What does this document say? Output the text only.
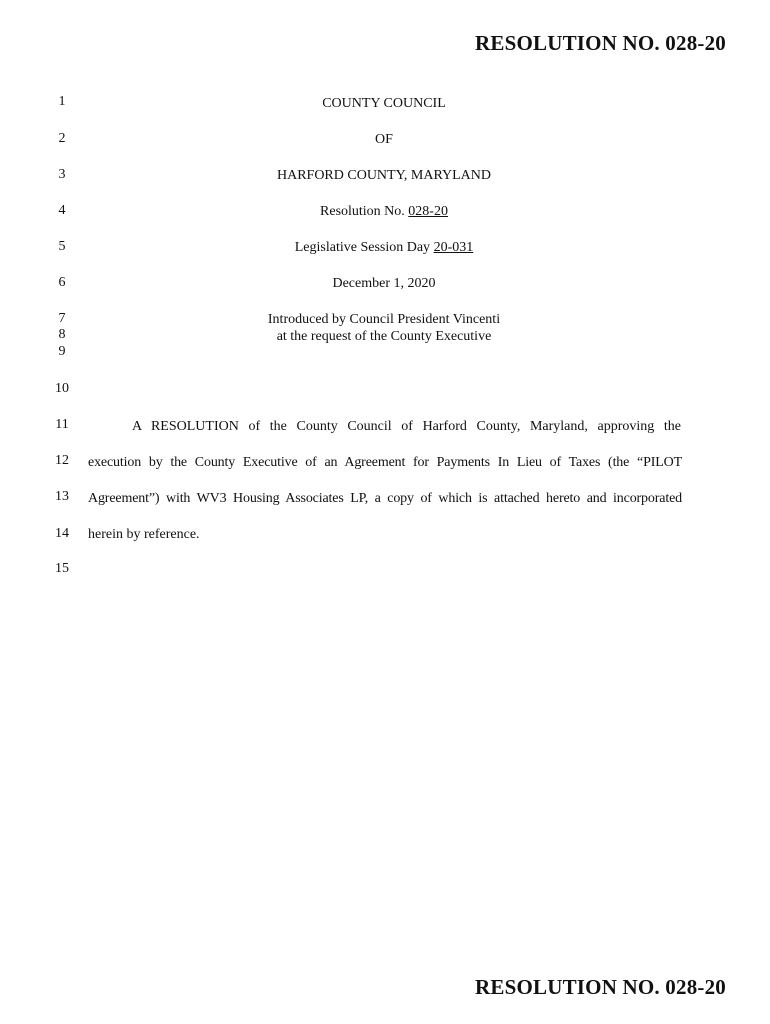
RESOLUTION NO. 028-20
1
2
3
4
5
6
7
8
9
10
11
12
13
14
15
COUNTY COUNCIL
OF
HARFORD COUNTY, MARYLAND
Resolution No. 028-20
Legislative Session Day 20-031
December 1, 2020
Introduced by Council President Vincenti
at the request of the County Executive
A RESOLUTION of the County Council of Harford County, Maryland, approving the
execution by the County Executive of an Agreement for Payments In Lieu of Taxes (the “PILOT
Agreement”) with WV3 Housing Associates LP, a copy of which is attached hereto and incorporated
herein by reference.
RESOLUTION NO. 028-20
